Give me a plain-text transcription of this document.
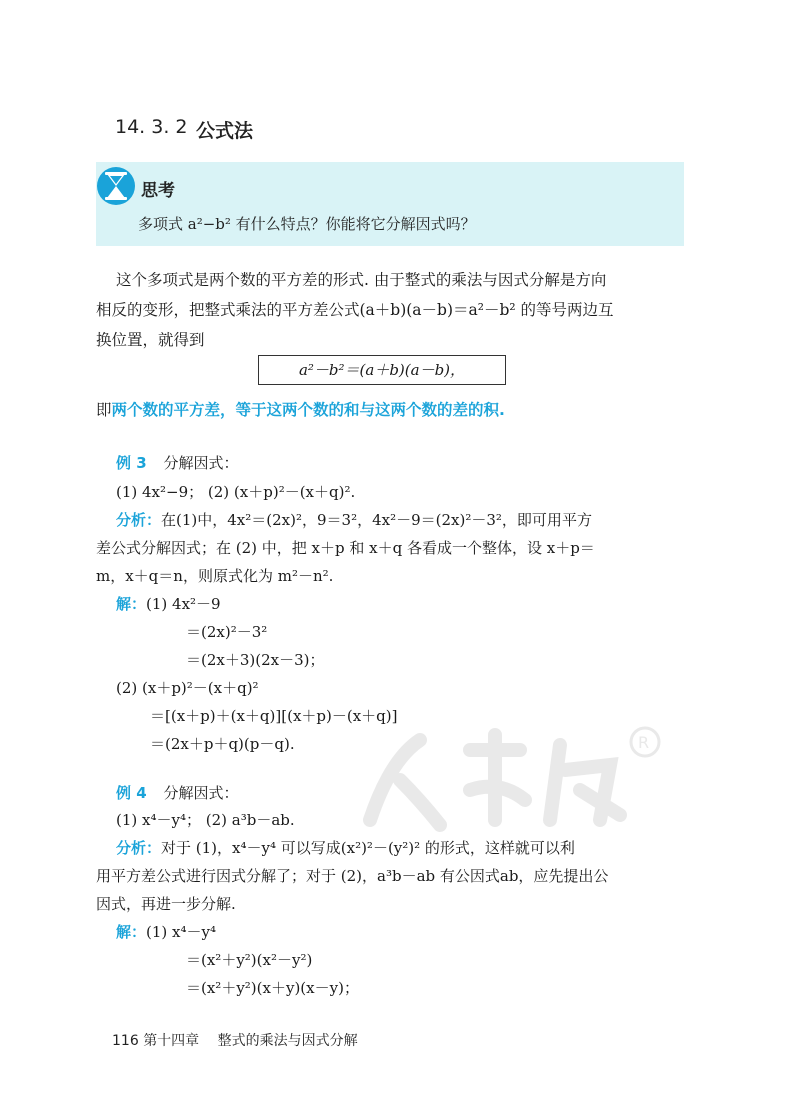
14. 3. 2 公式法
思考
多项式 a²−b² 有什么特点？你能将它分解因式吗？
这个多项式是两个数的平方差的形式. 由于整式的乘法与因式分解是方向
相反的变形，把整式乘法的平方差公式(a＋b)(a－b)＝a²－b² 的等号两边互
换位置，就得到
a²－b²＝(a＋b)(a－b)，
即两个数的平方差，等于这两个数的和与这两个数的差的积.
例 3 分解因式：
(1) 4x²−9； (2) (x＋p)²－(x＋q)².
分析：在(1)中，4x²＝(2x)²，9＝3²，4x²－9＝(2x)²－3²，即可用平方
差公式分解因式；在 (2) 中，把 x＋p 和 x＋q 各看成一个整体，设 x＋p＝
m，x＋q＝n，则原式化为 m²－n².
解：(1) 4x²－9
＝(2x)²－3²
＝(2x＋3)(2x－3)；
(2) (x＋p)²－(x＋q)²
＝[(x＋p)＋(x＋q)][(x＋p)－(x＋q)]
＝(2x＋p＋q)(p－q).	R
例 4 分解因式：
(1) x⁴－y⁴； (2) a³b－ab.
分析：对于 (1)，x⁴－y⁴ 可以写成(x²)²－(y²)² 的形式，这样就可以利
用平方差公式进行因式分解了；对于 (2)，a³b－ab 有公因式ab，应先提出公
因式，再进一步分解.
解：(1) x⁴－y⁴
＝(x²＋y²)(x²－y²)
＝(x²＋y²)(x＋y)(x－y)；
116 第十四章 整式的乘法与因式分解
